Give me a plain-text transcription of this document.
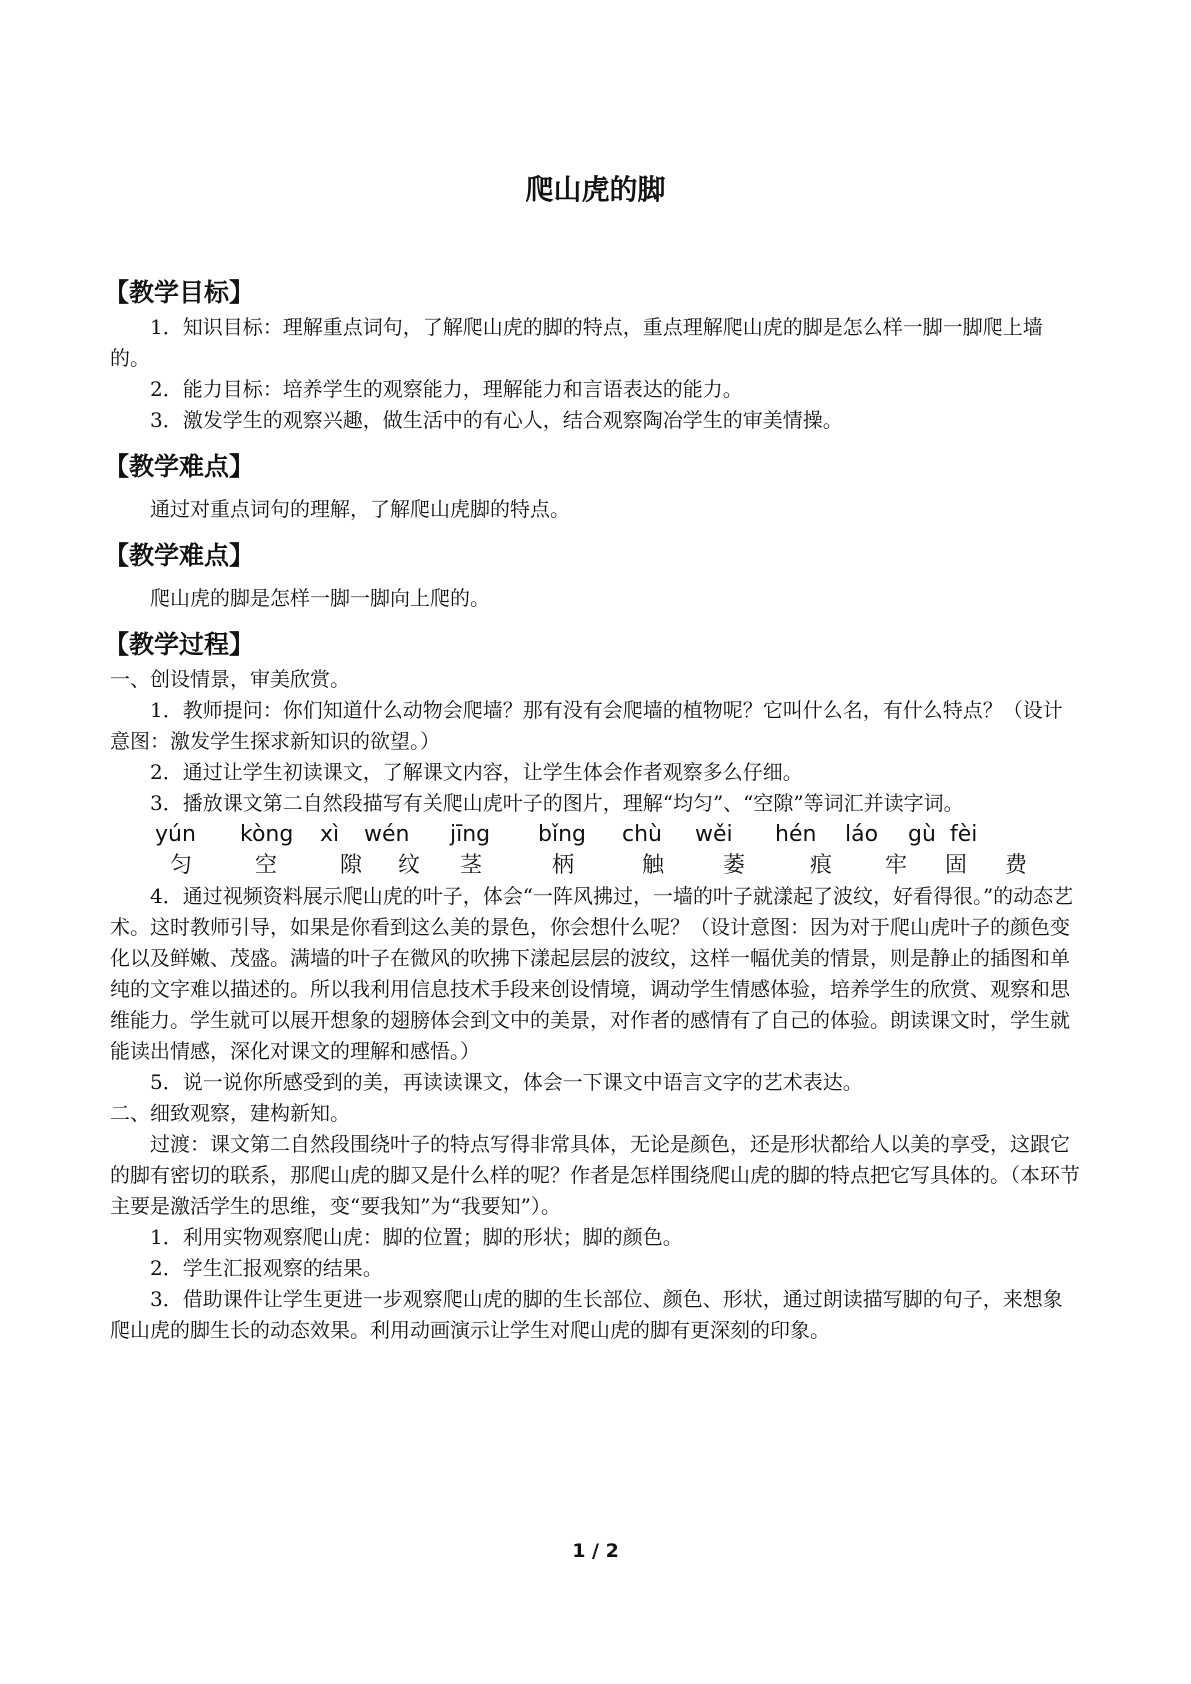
爬山虎的脚
【教学目标】

1．知识目标：理解重点词句，了解爬山虎的脚的特点，重点理解爬山虎的脚是怎么样一脚一脚爬上墙的。

2．能力目标：培养学生的观察能力，理解能力和言语表达的能力。

3．激发学生的观察兴趣，做生活中的有心人，结合观察陶冶学生的审美情操。

【教学难点】

通过对重点词句的理解，了解爬山虎脚的特点。

【教学难点】

爬山虎的脚是怎样一脚一脚向上爬的。

【教学过程】

一、创设情景，审美欣赏。

1．教师提问：你们知道什么动物会爬墙？那有没有会爬墙的植物呢？它叫什么名，有什么特点？（设计意图：激发学生探求新知识的欲望。）

2．通过让学生初读课文，了解课文内容，让学生体会作者观察多么仔细。

3．播放课文第二自然段描写有关爬山虎叶子的图片，理解“均匀”、“空隙”等词汇并读字词。

yún kòng xì wén jīng bǐng chù wěi hén láo gù fèi
匀	空	隙 纹 茎	柄	触	萎	痕 牢 固 费

4．通过视频资料展示爬山虎的叶子，体会“一阵风拂过，一墙的叶子就漾起了波纹，好看得很。”的动态艺术。这时教师引导，如果是你看到这么美的景色，你会想什么呢？（设计意图：因为对于爬山虎叶子的颜色变化以及鲜嫩、茂盛。满墙的叶子在微风的吹拂下漾起层层的波纹，这样一幅优美的情景，则是静止的插图和单纯的文字难以描述的。所以我利用信息技术手段来创设情境，调动学生情感体验，培养学生的欣赏、观察和思维能力。学生就可以展开想象的翅膀体会到文中的美景，对作者的感情有了自己的体验。朗读课文时，学生就能读出情感，深化对课文的理解和感悟。）

5．说一说你所感受到的美，再读读课文，体会一下课文中语言文字的艺术表达。

二、细致观察，建构新知。

过渡：课文第二自然段围绕叶子的特点写得非常具体，无论是颜色，还是形状都给人以美的享受，这跟它的脚有密切的联系，那爬山虎的脚又是什么样的呢？作者是怎样围绕爬山虎的脚的特点把它写具体的。（本环节主要是激活学生的思维，变“要我知”为“我要知”）。

1．利用实物观察爬山虎：脚的位置；脚的形状；脚的颜色。

2．学生汇报观察的结果。

3．借助课件让学生更进一步观察爬山虎的脚的生长部位、颜色、形状，通过朗读描写脚的句子，来想象爬山虎的脚生长的动态效果。利用动画演示让学生对爬山虎的脚有更深刻的印象。

1 / 2
